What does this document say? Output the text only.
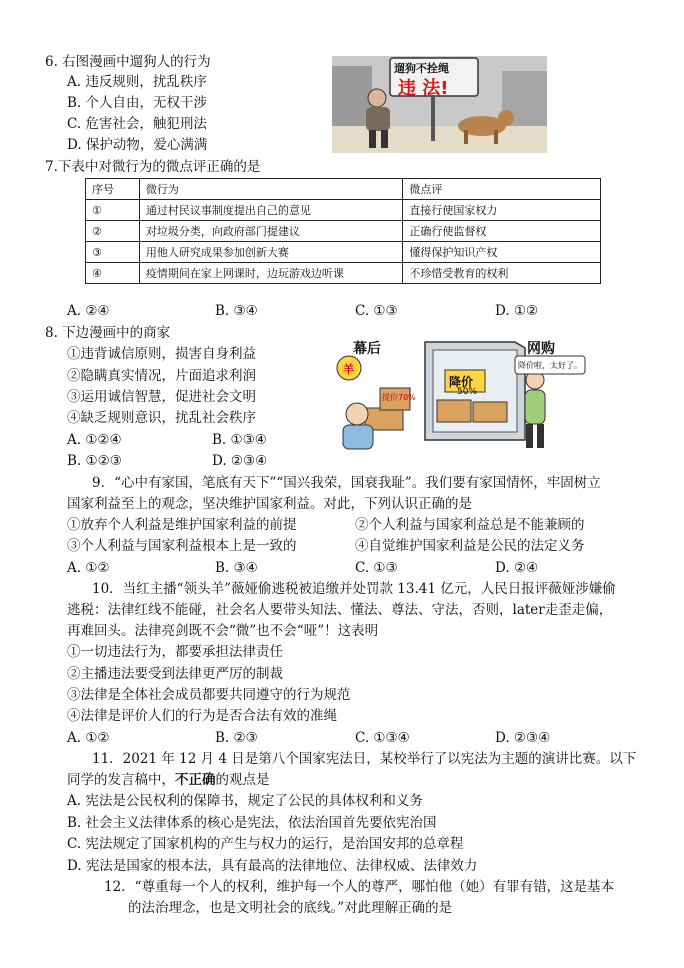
6. 右图漫画中遛狗人的行为
A. 违反规则，扰乱秩序
B. 个人自由，无权干涉
C. 危害社会，触犯刑法
D. 保护动物，爱心满满
遛狗不拴绳
违 法!
7.下表中对微行为的微点评正确的是
序号	微行为	微点评
①	通过村民议事制度提出自己的意见	直接行使国家权力
②	对垃圾分类，向政府部门提建议	正确行使监督权
③	用他人研究成果参加创新大赛	懂得保护知识产权
④	疫情期间在家上网课时，边玩游戏边听课	不珍惜受教育的权利
A. ②④	B. ③④	C. ①③	D. ①②
8. 下边漫画中的商家
①违背诚信原则，损害自身利益
②隐瞒真实情况，片面追求利润
③运用诚信智慧，促进社会文明
④缺乏规则意识，扰乱社会秩序
A. ①②④	B. ①③④
B. ①②③	D. ②③④
幕后	网购
羊
提价70%
降价
50%
降价啦，太好了。
9．“心中有家国，笔底有天下”“国兴我荣，国衰我耻”。我们要有家国情怀，牢固树立
国家利益至上的观念，坚决维护国家利益。对此，下列认识正确的是
①放弃个人利益是维护国家利益的前提	②个人利益与国家利益总是不能兼顾的
③个人利益与国家利益根本上是一致的	④自觉维护国家利益是公民的法定义务
A. ①②	B. ③④	C. ①③	D. ②④
10．当红主播“领头羊”薇娅偷逃税被追缴并处罚款 13.41 亿元，人民日报评薇娅涉嫌偷
逃税：法律红线不能碰，社会名人要带头知法、懂法、尊法、守法，否则，later走歪走偏，
再难回头。法律亮剑既不会“微”也不会“哑”！这表明
①一切违法行为，都要承担法律责任
②主播违法要受到法律更严厉的制裁
③法律是全体社会成员都要共同遵守的行为规范
④法律是评价人们的行为是否合法有效的准绳
A. ①②	B. ②③	C. ①③④	D. ②③④
11．2021 年 12 月 4 日是第八个国家宪法日，某校举行了以宪法为主题的演讲比赛。以下
同学的发言稿中，不正确的观点是
A. 宪法是公民权利的保障书，规定了公民的具体权利和义务
B. 社会主义法律体系的核心是宪法，依法治国首先要依宪治国
C. 宪法规定了国家机构的产生与权力的运行，是治国安邦的总章程
D. 宪法是国家的根本法，具有最高的法律地位、法律权威、法律效力
12．“尊重每一个人的权利，维护每一个人的尊严，哪怕他（她）有罪有错，这是基本
的法治理念，也是文明社会的底线。”对此理解正确的是
